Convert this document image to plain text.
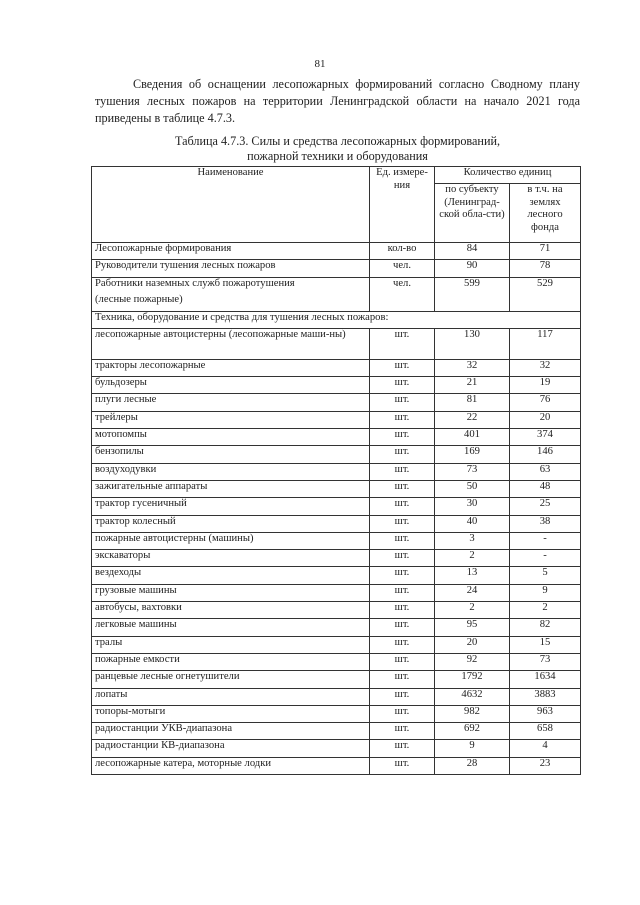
81
Сведения об оснащении лесопожарных формирований согласно Сводному плану тушения лесных пожаров на территории Ленинградской области на начало 2021 года приведены в таблице 4.7.3.
Таблица 4.7.3. Силы и средства лесопожарных формирований,
пожарной техники и оборудования
Наименование	Ед. измере-ния	Количество единиц	
		по субъекту (Ленинград-ской обла-сти)	в т.ч. на землях лесного фонда
Лесопожарные формирования	кол-во	84	71
Руководители тушения лесных пожаров	чел.	90	78

Работники наземных служб пожаротушения
(лесные пожарные)	чел.	599	529
Техника, оборудование и средства для тушения лесных пожаров:			
лесопожарные автоцистерны (лесопожарные маши-ны)	шт.	130	117
тракторы лесопожарные	шт.	32	32
бульдозеры	шт.	21	19
плуги лесные	шт.	81	76
трейлеры	шт.	22	20
мотопомпы	шт.	401	374
бензопилы	шт.	169	146
воздуходувки	шт.	73	63
зажигательные аппараты	шт.	50	48
трактор гусеничный	шт.	30	25
трактор колесный	шт.	40	38
пожарные автоцистерны (машины)	шт.	3	-
экскаваторы	шт.	2	-
вездеходы	шт.	13	5
грузовые машины	шт.	24	9
автобусы, вахтовки	шт.	2	2
легковые машины	шт.	95	82
тралы	шт.	20	15
пожарные емкости	шт.	92	73
ранцевые лесные огнетушители	шт.	1792	1634
лопаты	шт.	4632	3883
топоры-мотыги	шт.	982	963
радиостанции УКВ-диапазона	шт.	692	658
радиостанции КВ-диапазона	шт.	9	4
лесопожарные катера, моторные лодки	шт.	28	23
